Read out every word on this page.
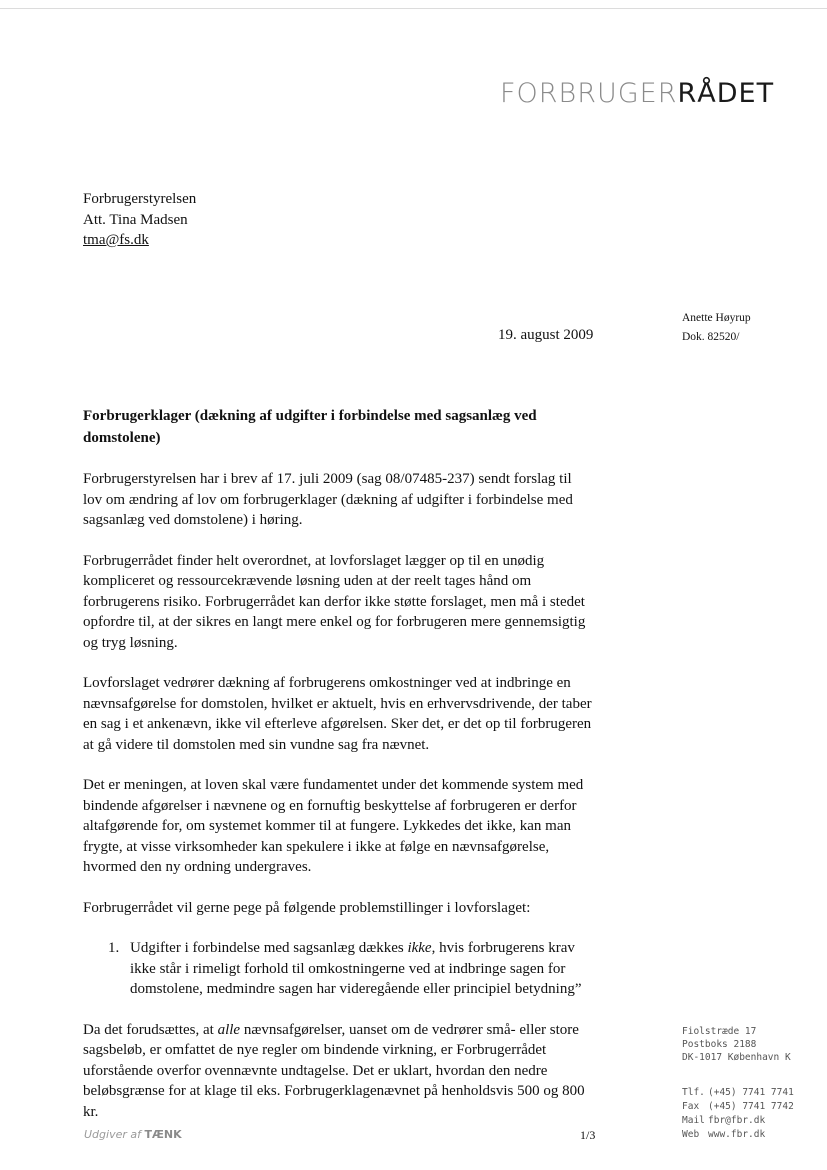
FORBRUGERRÅDET
Forbrugerstyrelsen
Att. Tina Madsen
tma@fs.dk
Anette Høyrup
Dok. 82520/
19. august 2009
Forbrugerklager (dækning af udgifter i forbindelse med sagsanlæg ved domstolene)

Forbrugerstyrelsen har i brev af 17. juli 2009 (sag 08/07485-237) sendt forslag til lov om ændring af lov om forbrugerklager (dækning af udgifter i forbindelse med sagsanlæg ved domstolene) i høring.

Forbrugerrådet finder helt overordnet, at lovforslaget lægger op til en unødig kompliceret og ressourcekrævende løsning uden at der reelt tages hånd om forbrugerens risiko. Forbrugerrådet kan derfor ikke støtte forslaget, men må i stedet opfordre til, at der sikres en langt mere enkel og for forbrugeren mere gennemsigtig og tryg løsning.

Lovforslaget vedrører dækning af forbrugerens omkostninger ved at indbringe en nævnsafgørelse for domstolen, hvilket er aktuelt, hvis en erhvervsdrivende, der taber en sag i et ankenævn, ikke vil efterleve afgørelsen. Sker det, er det op til forbrugeren at gå videre til domstolen med sin vundne sag fra nævnet.

Det er meningen, at loven skal være fundamentet under det kommende system med bindende afgørelser i nævnene og en fornuftig beskyttelse af forbrugeren er derfor altafgørende for, om systemet kommer til at fungere. Lykkedes det ikke, kan man frygte, at visse virksomheder kan spekulere i ikke at følge en nævnsafgørelse, hvormed den ny ordning undergraves.

Forbrugerrådet vil gerne pege på følgende problemstillinger i lovforslaget:

1. Udgifter i forbindelse med sagsanlæg dækkes ikke, hvis forbrugerens krav ikke står i rimeligt forhold til omkostningerne ved at indbringe sagen for domstolene, medmindre sagen har videregående eller principiel betydning”

Da det forudsættes, at alle nævnsafgørelser, uanset om de vedrører små- eller store sagsbeløb, er omfattet de nye regler om bindende virkning, er Forbrugerrådet uforstående overfor ovennævnte undtagelse. Det er uklart, hvordan den nedre beløbsgrænse for at klage til eks. Forbrugerklagenævnet på henholdsvis 500 og 800 kr.

Fiolstræde 17
Postboks 2188
DK-1017 København K
Tlf. (+45) 7741 7741
Fax (+45) 7741 7742
Mail fbr@fbr.dk
Web www.fbr.dk
Udgiver af TÆNK	1/3
